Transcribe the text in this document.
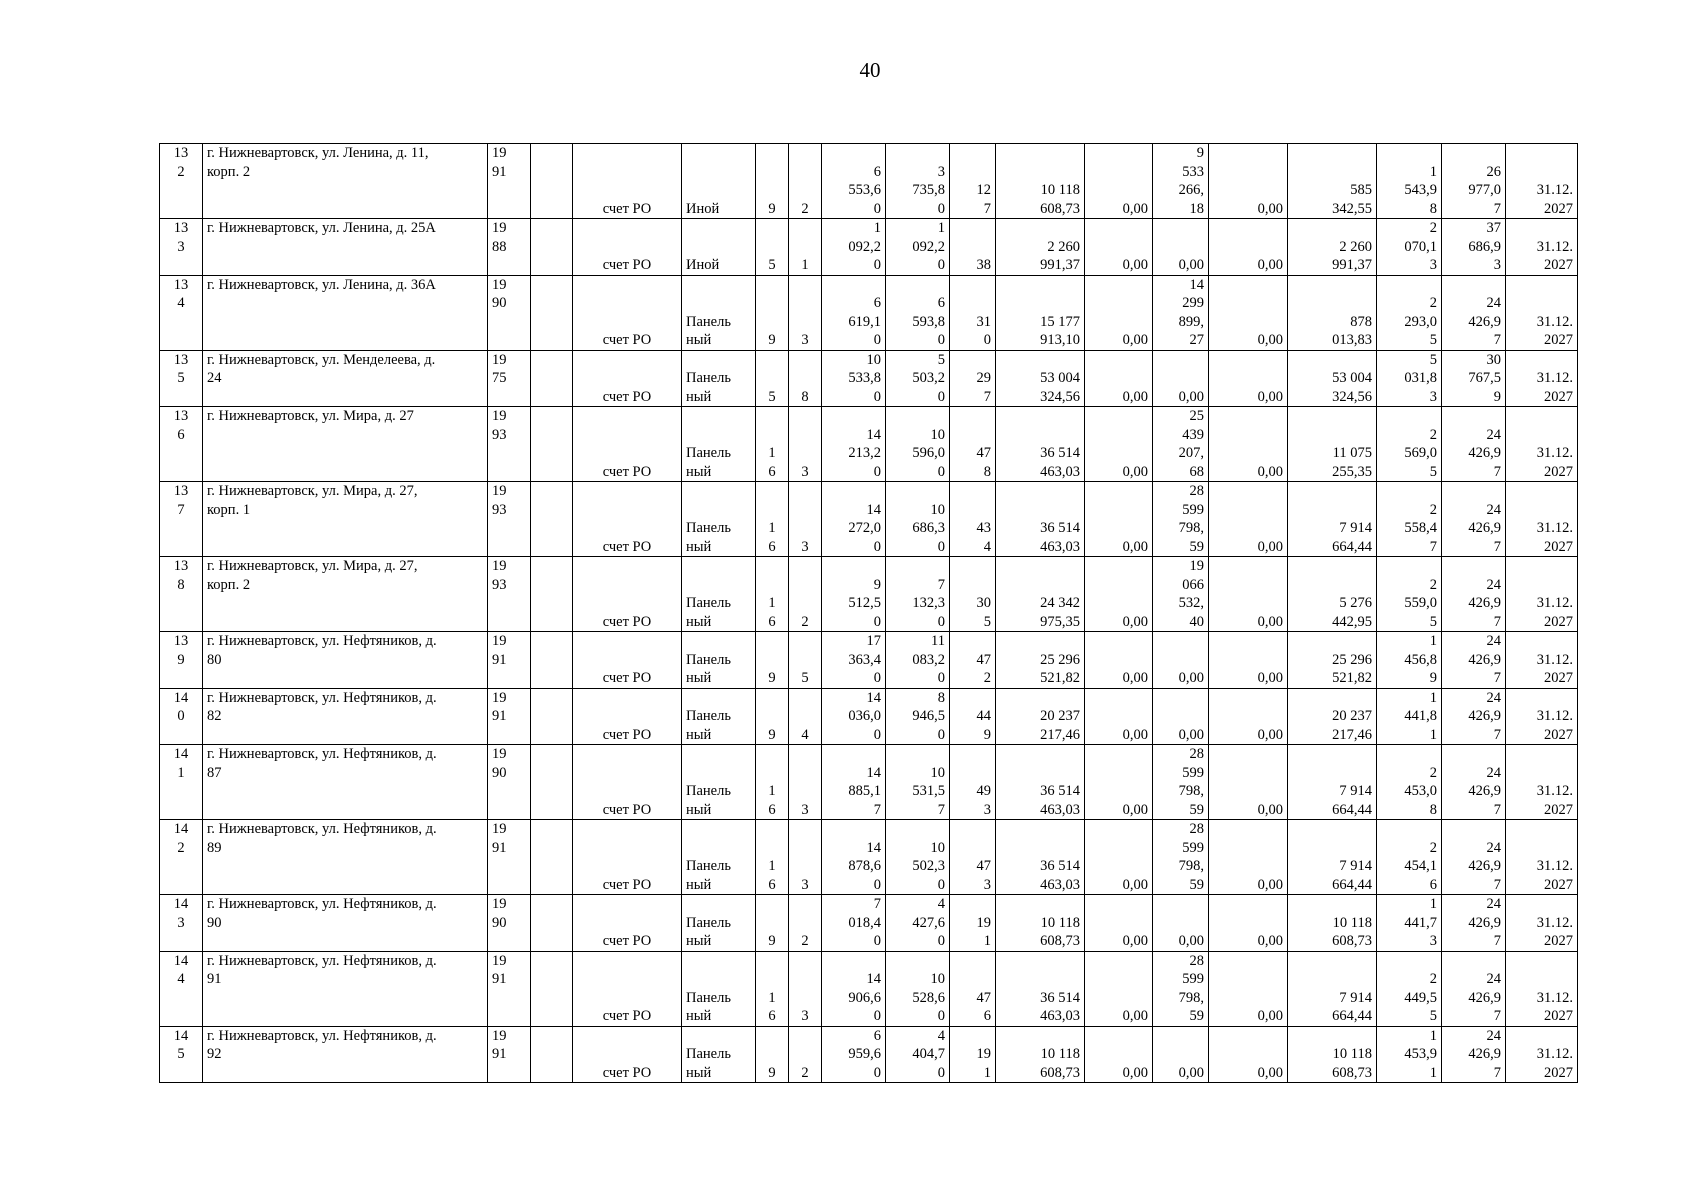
40
13
2	г. Нижневартовск, ул. Ленина, д. 11,
корп. 2	19
91		счет РО	Иной	9	2	6
553,6
0	3
735,8
0	12
7	10 118
608,73	0,00	9
533
266,
18	0,00	585
342,55	1
543,9
8	26
977,0
7	31.12.
2027

13
3	г. Нижневартовск, ул. Ленина, д. 25А	19
88		счет РО	Иной	5	1	1
092,2
0	1
092,2
0	38	2 260
991,37	0,00	0,00	0,00	2 260
991,37	2
070,1
3	37
686,9
3	31.12.
2027

13
4	г. Нижневартовск, ул. Ленина, д. 36А	19
90		счет РО	Панель
ный	9	3	6
619,1
0	6
593,8
0	31
0	15 177
913,10	0,00	14
299
899,
27	0,00	878
013,83	2
293,0
5	24
426,9
7	31.12.
2027

13
5	г. Нижневартовск, ул. Менделеева, д.
24	19
75		счет РО	Панель
ный	5	8	10
533,8
0	5
503,2
0	29
7	53 004
324,56	0,00	0,00	0,00	53 004
324,56	5
031,8
3	30
767,5
9	31.12.
2027

13
6	г. Нижневартовск, ул. Мира, д. 27	19
93		счет РО	Панель
ный	1
6	3	14
213,2
0	10
596,0
0	47
8	36 514
463,03	0,00	25
439
207,
68	0,00	11 075
255,35	2
569,0
5	24
426,9
7	31.12.
2027

13
7	г. Нижневартовск, ул. Мира, д. 27,
корп. 1	19
93		счет РО	Панель
ный	1
6	3	14
272,0
0	10
686,3
0	43
4	36 514
463,03	0,00	28
599
798,
59	0,00	7 914
664,44	2
558,4
7	24
426,9
7	31.12.
2027

13
8	г. Нижневартовск, ул. Мира, д. 27,
корп. 2	19
93		счет РО	Панель
ный	1
6	2	9
512,5
0	7
132,3
0	30
5	24 342
975,35	0,00	19
066
532,
40	0,00	5 276
442,95	2
559,0
5	24
426,9
7	31.12.
2027

13
9	г. Нижневартовск, ул. Нефтяников, д.
80	19
91		счет РО	Панель
ный	9	5	17
363,4
0	11
083,2
0	47
2	25 296
521,82	0,00	0,00	0,00	25 296
521,82	1
456,8
9	24
426,9
7	31.12.
2027

14
0	г. Нижневартовск, ул. Нефтяников, д.
82	19
91		счет РО	Панель
ный	9	4	14
036,0
0	8
946,5
0	44
9	20 237
217,46	0,00	0,00	0,00	20 237
217,46	1
441,8
1	24
426,9
7	31.12.
2027

14
1	г. Нижневартовск, ул. Нефтяников, д.
87	19
90		счет РО	Панель
ный	1
6	3	14
885,1
7	10
531,5
7	49
3	36 514
463,03	0,00	28
599
798,
59	0,00	7 914
664,44	2
453,0
8	24
426,9
7	31.12.
2027

14
2	г. Нижневартовск, ул. Нефтяников, д.
89	19
91		счет РО	Панель
ный	1
6	3	14
878,6
0	10
502,3
0	47
3	36 514
463,03	0,00	28
599
798,
59	0,00	7 914
664,44	2
454,1
6	24
426,9
7	31.12.
2027

14
3	г. Нижневартовск, ул. Нефтяников, д.
90	19
90		счет РО	Панель
ный	9	2	7
018,4
0	4
427,6
0	19
1	10 118
608,73	0,00	0,00	0,00	10 118
608,73	1
441,7
3	24
426,9
7	31.12.
2027

14
4	г. Нижневартовск, ул. Нефтяников, д.
91	19
91		счет РО	Панель
ный	1
6	3	14
906,6
0	10
528,6
0	47
6	36 514
463,03	0,00	28
599
798,
59	0,00	7 914
664,44	2
449,5
5	24
426,9
7	31.12.
2027

14
5	г. Нижневартовск, ул. Нефтяников, д.
92	19
91		счет РО	Панель
ный	9	2	6
959,6
0	4
404,7
0	19
1	10 118
608,73	0,00	0,00	0,00	10 118
608,73	1
453,9
1	24
426,9
7	31.12.
2027
